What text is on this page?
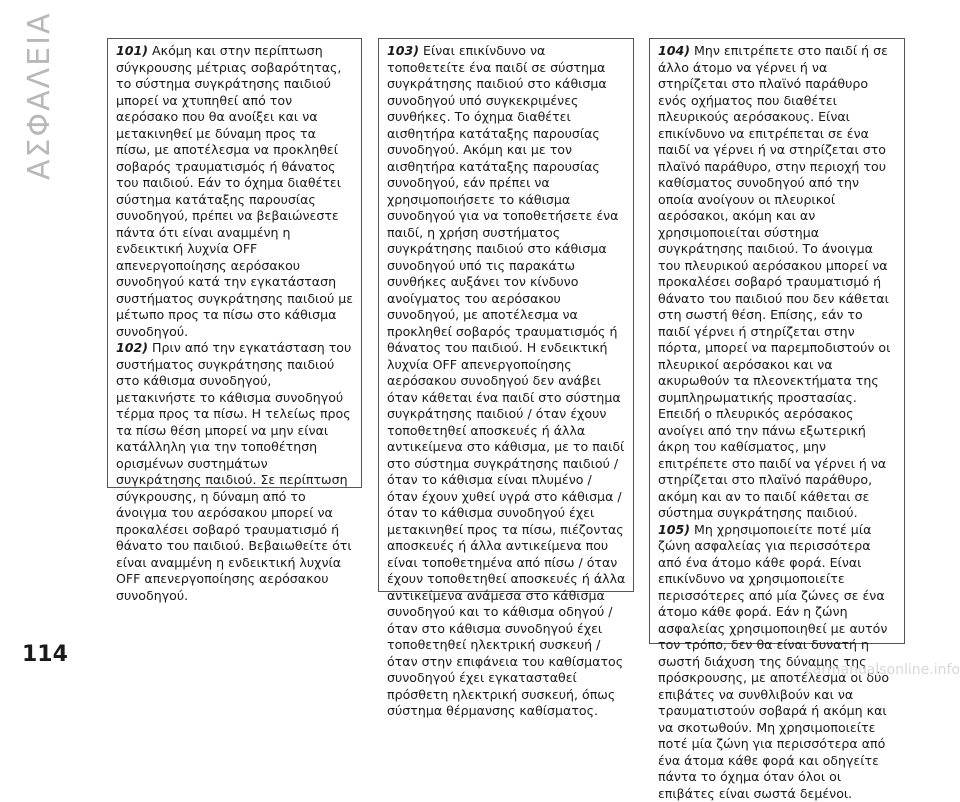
ΑΣΦΑΛΕΙΑ	101) Ακόμη και στην περίπτωση σύγκρουσης μέτριας σοβαρότητας, το σύστημα συγκράτησης παιδιού μπορεί να χτυπηθεί από τον αερόσακο που θα ανοίξει και να μετακινηθεί με δύναμη προς τα πίσω, με αποτέλεσμα να προκληθεί σοβαρός τραυματισμός ή θάνατος του παιδιού. Εάν το όχημα διαθέτει σύστημα κατάταξης παρουσίας συνοδηγού, πρέπει να βεβαιώνεστε πάντα ότι είναι αναμμένη η ενδεικτική λυχνία OFF απενεργοποίησης αερόσακου συνοδηγού κατά την εγκατάσταση συστήματος συγκράτησης παιδιού με μέτωπο προς τα πίσω στο κάθισμα συνοδηγού.

102) Πριν από την εγκατάσταση του συστήματος συγκράτησης παιδιού στο κάθισμα συνοδηγού, μετακινήστε το κάθισμα συνοδηγού τέρμα προς τα πίσω. Η τελείως προς τα πίσω θέση μπορεί να μην είναι κατάλληλη για την τοποθέτηση ορισμένων συστημάτων συγκράτησης παιδιού. Σε περίπτωση σύγκρουσης, η δύναμη από το άνοιγμα του αερόσακου μπορεί να προκαλέσει σοβαρό τραυματισμό ή θάνατο του παιδιού. Βεβαιωθείτε ότι είναι αναμμένη η ενδεικτική λυχνία OFF απενεργοποίησης αερόσακου συνοδηγού.

103) Είναι επικίνδυνο να τοποθετείτε ένα παιδί σε σύστημα συγκράτησης παιδιού στο κάθισμα συνοδηγού υπό συγκεκριμένες συνθήκες. Το όχημα διαθέτει αισθητήρα κατάταξης παρουσίας συνοδηγού. Ακόμη και με τον αισθητήρα κατάταξης παρουσίας συνοδηγού, εάν πρέπει να χρησιμοποιήσετε το κάθισμα συνοδηγού για να τοποθετήσετε ένα παιδί, η χρήση συστήματος συγκράτησης παιδιού στο κάθισμα συνοδηγού υπό τις παρακάτω συνθήκες αυξάνει τον κίνδυνο ανοίγματος του αερόσακου συνοδηγού, με αποτέλεσμα να προκληθεί σοβαρός τραυματισμός ή θάνατος του παιδιού. Η ενδεικτική λυχνία OFF απενεργοποίησης αερόσακου συνοδηγού δεν ανάβει όταν κάθεται ένα παιδί στο σύστημα συγκράτησης παιδιού / όταν έχουν τοποθετηθεί αποσκευές ή άλλα αντικείμενα στο κάθισμα, με το παιδί στο σύστημα συγκράτησης παιδιού / όταν το κάθισμα είναι πλυμένο / όταν έχουν χυθεί υγρά στο κάθισμα / όταν το κάθισμα συνοδηγού έχει μετακινηθεί προς τα πίσω, πιέζοντας αποσκευές ή άλλα αντικείμενα που είναι τοποθετημένα από πίσω / όταν έχουν τοποθετηθεί αποσκευές ή άλλα αντικείμενα ανάμεσα στο κάθισμα συνοδηγού και το κάθισμα οδηγού / όταν στο κάθισμα συνοδηγού έχει τοποθετηθεί ηλεκτρική συσκευή / όταν στην επιφάνεια του καθίσματος συνοδηγού έχει εγκατασταθεί πρόσθετη ηλεκτρική συσκευή, όπως σύστημα θέρμανσης καθίσματος.

104) Μην επιτρέπετε στο παιδί ή σε άλλο άτομο να γέρνει ή να στηρίζεται στο πλαϊνό παράθυρο ενός οχήματος που διαθέτει πλευρικούς αερόσακους. Είναι επικίνδυνο να επιτρέπεται σε ένα παιδί να γέρνει ή να στηρίζεται στο πλαϊνό παράθυρο, στην περιοχή του καθίσματος συνοδηγού από την οποία ανοίγουν οι πλευρικοί αερόσακοι, ακόμη και αν χρησιμοποιείται σύστημα συγκράτησης παιδιού. Το άνοιγμα του πλευρικού αερόσακου μπορεί να προκαλέσει σοβαρό τραυματισμό ή θάνατο του παιδιού που δεν κάθεται στη σωστή θέση. Επίσης, εάν το παιδί γέρνει ή στηρίζεται στην πόρτα, μπορεί να παρεμποδιστούν οι πλευρικοί αερόσακοι και να ακυρωθούν τα πλεονεκτήματα της συμπληρωματικής προστασίας. Επειδή ο πλευρικός αερόσακος ανοίγει από την πάνω εξωτερική άκρη του καθίσματος, μην επιτρέπετε στο παιδί να γέρνει ή να στηρίζεται στο πλαϊνό παράθυρο, ακόμη και αν το παιδί κάθεται σε σύστημα συγκράτησης παιδιού.

105) Μη χρησιμοποιείτε ποτέ μία ζώνη ασφαλείας για περισσότερα από ένα άτομο κάθε φορά. Είναι επικίνδυνο να χρησιμοποιείτε περισσότερες από μία ζώνες σε ένα άτομο κάθε φορά. Εάν η ζώνη ασφαλείας χρησιμοποιηθεί με αυτόν τον τρόπο, δεν θα είναι δυνατή η σωστή διάχυση της δύναμης της πρόσκρουσης, με αποτέλεσμα οι δύο επιβάτες να συνθλιβούν και να τραυματιστούν σοβαρά ή ακόμη και να σκοτωθούν. Μη χρησιμοποιείτε ποτέ μία ζώνη για περισσότερα από ένα άτομα κάθε φορά και οδηγείτε πάντα το όχημα όταν όλοι οι επιβάτες είναι σωστά δεμένοι.

114
carmanualsonline.info
